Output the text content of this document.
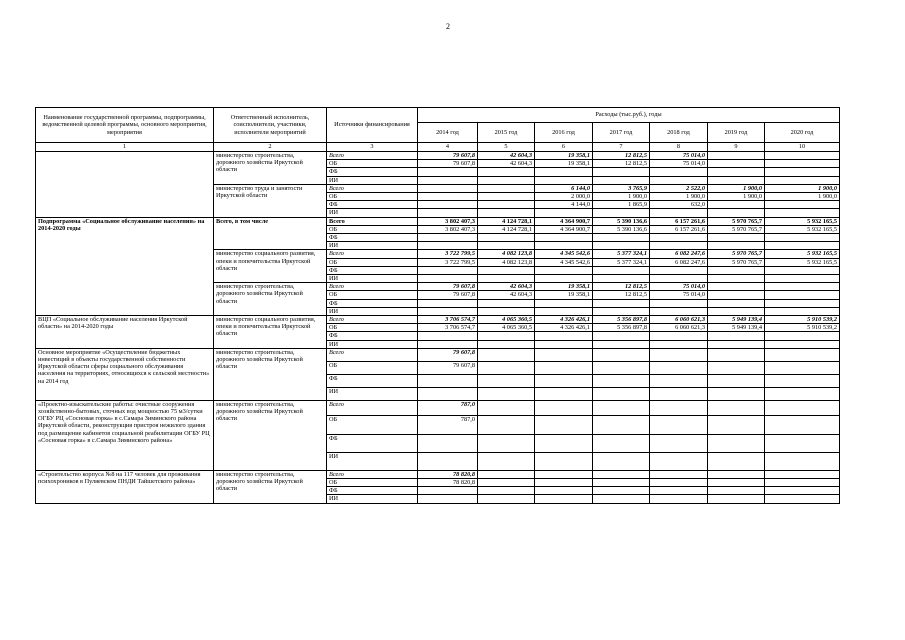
2
Наименование государственной программы, подпрограммы, ведомственной целевой программы, основного мероприятия, мероприятия	Ответственный исполнитель, соисполнители, участники, исполнители мероприятий	Источники финансирования	Расходы (тыс.руб.), годы						
			2014 год	2015 год	2016 год	2017 год	2018 год	2019 год	2020 год
1	2	3	4	5	6	7	8	9	10
	министерство строительства, дорожного хозяйства Иркутской области	Всего	79 607,8	42 604,3	19 358,1	12 812,5	75 014,0		
		ОБ	79 607,8	42 604,3	19 358,1	12 812,5	75 014,0		
		ФБ							
		ИИ							
	министерство труда и занятости Иркутской области	Всего			6 144,0	3 765,9	2 522,0	1 900,0	1 900,0
		ОБ			2 000,0	1 900,0	1 900,0	1 900,0	1 900,0
		ФБ			4 144,0	1 865,9	632,0		
		ИИ							
Подпрограмма «Социальное обслуживание населения» на 2014-2020 годы	Всего, в том числе	Всего	3 802 407,3	4 124 728,1	4 364 900,7	5 390 136,6	6 157 261,6	5 970 765,7	5 932 165,5
		ОБ	3 802 407,3	4 124 728,1	4 364 900,7	5 390 136,6	6 157 261,6	5 970 765,7	5 932 165,5
		ФБ							
		ИИ							
	министерство социального развития, опеки и попечительства Иркутской области	Всего	3 722 799,5	4 082 123,8	4 345 542,6	5 377 324,1	6 082 247,6	5 970 765,7	5 932 165,5
		ОБ	3 722 799,5	4 082 123,8	4 345 542,6	5 377 324,1	6 082 247,6	5 970 765,7	5 932 165,5
		ФБ							
		ИИ							
	министерство строительства, дорожного хозяйства Иркутской области	Всего	79 607,8	42 604,3	19 358,1	12 812,5	75 014,0		
		ОБ	79 607,8	42 604,3	19 358,1	12 812,5	75 014,0		
		ФБ							
		ИИ							
ВЦП «Социальное обслуживание населения Иркутской области» на 2014-2020 годы	министерство социального развития, опеки и попечительства Иркутской области	Всего	3 706 574,7	4 065 360,5	4 326 426,1	5 356 897,8	6 060 621,3	5 949 139,4	5 910 539,2
		ОБ	3 706 574,7	4 065 360,5	4 326 426,1	5 356 897,8	6 060 621,3	5 949 139,4	5 910 539,2
		ФБ							
		ИИ							
Основное мероприятие «Осуществление бюджетных инвестиций в объекты государственной собственности Иркутской области сферы социального обслуживания населения на территориях, относящихся к сельской местности» на 2014 год	министерство строительства, дорожного хозяйства Иркутской области	Всего	79 607,8						
		ОБ	79 607,8						
		ФБ							
		ИИ							
«Проектно-изыскательские работы: очистные сооружения хозяйственно-бытовых, сточных вод мощностью 75 м3/сутки ОГБУ РЦ «Сосновая горка» в с.Самара Зиминского района Иркутской области, реконструкция пристроя нежилого здания под размещение кабинетов социальной реабилитации ОГБУ РЦ «Сосновая горка» в с.Самара Зиминского района»	министерство строительства, дорожного хозяйства Иркутской области	Всего	787,0						
		ОБ	787,0						
		ФБ							
		ИИ							
«Строительство корпуса №8 на 117 человек для проживания психохроников в Пуляевском ПНДИ Тайшетского района»	министерство строительства, дорожного хозяйства Иркутской области	Всего	78 820,8						
		ОБ	78 820,8						
		ФБ							
		ИИ							
